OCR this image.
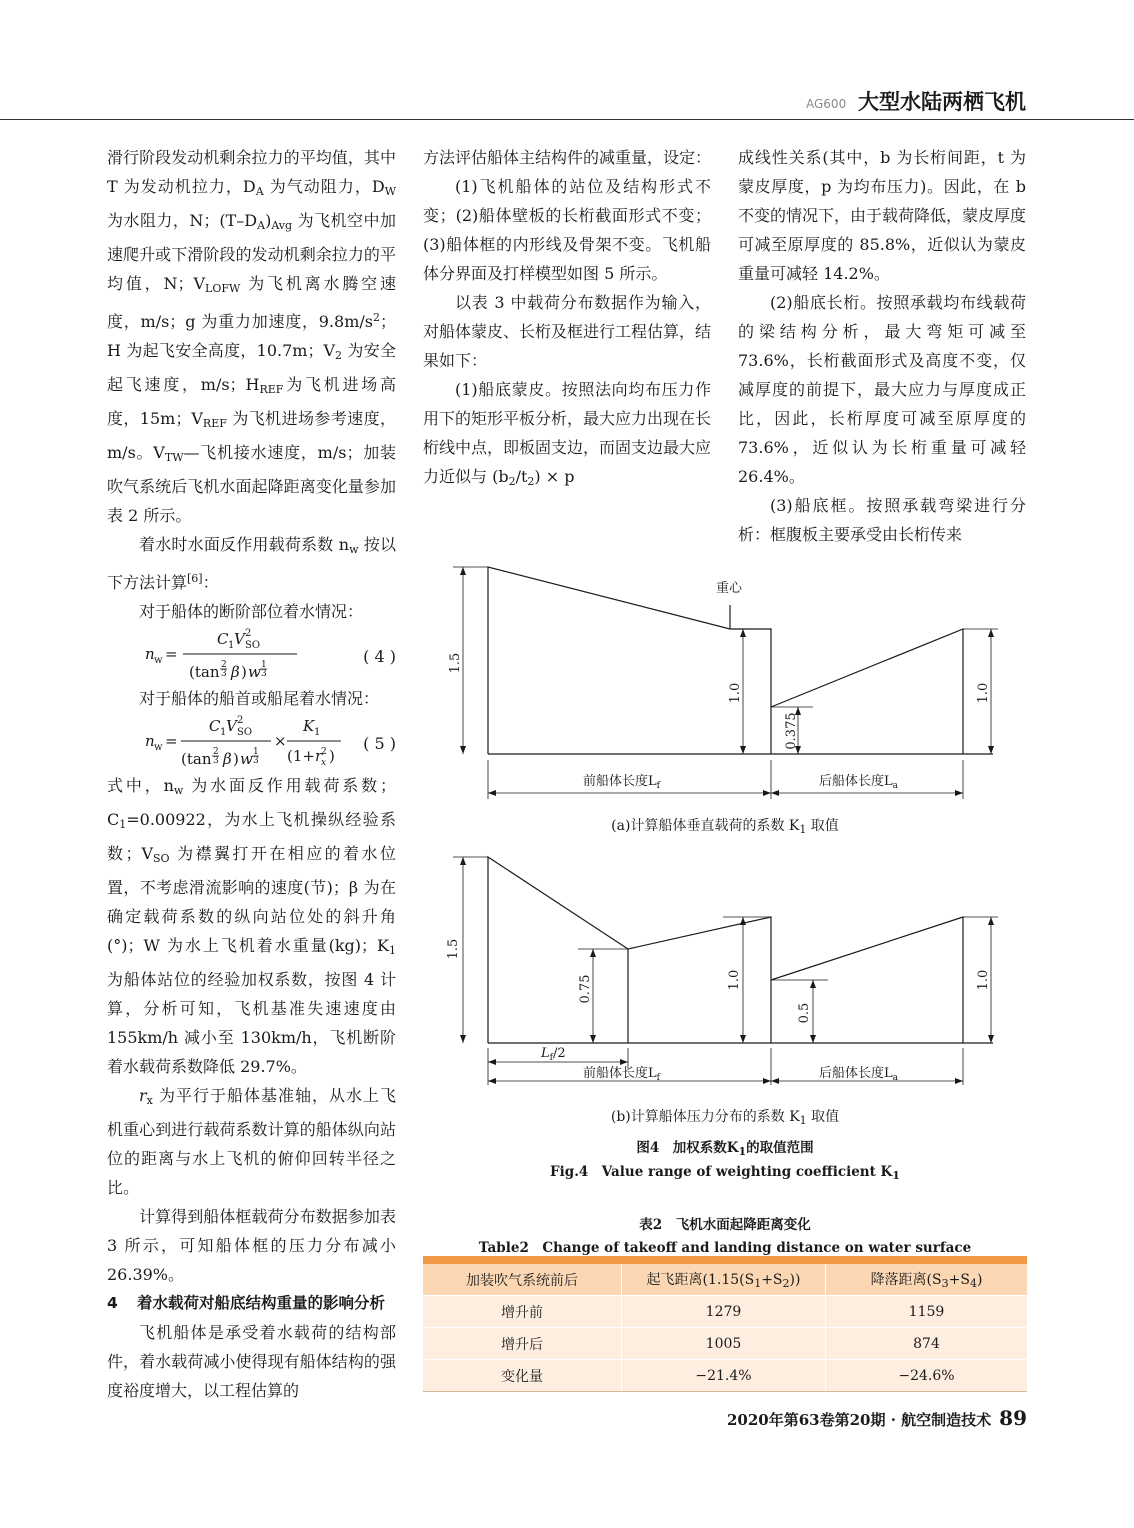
AG600 大型水陆两栖飞机

滑行阶段发动机剩余拉力的平均值，其中 T 为发动机拉力，$D_A$ 为气动阻力，$D_W$ 为水阻力，N；$(T-D_A)_{Avg}$ 为飞机空中加速爬升或下滑阶段的发动机剩余拉力的平均值，N；$V_{LOFW}$ 为飞机离水腾空速度，m/s；g 为重力加速度，$9.8m/s^2$；H 为起飞安全高度，10.7m；$V_2$ 为安全起飞速度，m/s；$H_{REF}$为飞机进场高度，15m；$V_{REF}$ 为飞机进场参考速度，m/s。$V_{TW}—$飞机接水速度，m/s；加装吹气系统后飞机水面起降距离变化量参加表 2 所示。

着水时水面反作用载荷系数 $n_w$ 按以下方法计算[6]：

对于船体的断阶部位着水情况：

n w =
C 1 V 2
SO
(tan 2
3 β ) w 1
3
( 4 )

对于船体的船首或船尾着水情况：

n w =
C 1 V 2
SO
(tan 2
3 β ) w 1
3
×
K 1
(1+ r
2
x )
( 5 )

式中，$n_w$ 为水面反作用载荷系数；$C_1=0.00922$，为水上飞机操纵经验系数；$V_{SO}$ 为襟翼打开在相应的着水位置，不考虑滑流影响的速度(节)；β 为在确定载荷系数的纵向站位处的斜升角(°)；W 为水上飞机着水重量(kg)；$K_1$ 为船体站位的经验加权系数，按图 4 计算，分析可知，飞机基准失速速度由 155km/h 减小至 130km/h，飞机断阶着水载荷系数降低 29.7%。

$r_x$ 为平行于船体基准轴，从水上飞机重心到进行载荷系数计算的船体纵向站位的距离与水上飞机的俯仰回转半径之比。

计算得到船体框载荷分布数据参加表 3 所示，可知船体框的压力分布减小 26.39%。

4	着水载荷对船底结构重量的影响分析

飞机船体是承受着水载荷的结构部件，着水载荷减小使得现有船体结构的强度裕度增大，以工程估算的

方法评估船体主结构件的减重量，设定：

(1)飞机船体的站位及结构形式不变；(2)船体壁板的长桁截面形式不变；(3)船体框的内形线及骨架不变。飞机船体分界面及打样模型如图 5 所示。

以表 3 中载荷分布数据作为输入，对船体蒙皮、长桁及框进行工程估算，结果如下：

(1)船底蒙皮。按照法向均布压力作用下的矩形平板分析，最大应力出现在长桁线中点，即板固支边，而固支边最大应力近似与 $(b_2/t_2) \times p$

成线性关系(其中，b 为长桁间距，t 为蒙皮厚度，p 为均布压力)。因此，在 b 不变的情况下，由于载荷降低，蒙皮厚度可减至原厚度的 85.8%，近似认为蒙皮重量可减轻 14.2%。

(2)船底长桁。按照承载均布线载荷的梁结构分析，最大弯矩可减至 73.6%，长桁截面形式及高度不变，仅减厚度的前提下，最大应力与厚度成正比，因此，长桁厚度可减至原厚度的 73.6%，近似认为长桁重量可减轻 26.4%。

(3)船底框。按照承载弯梁进行分析：框腹板主要承受由长桁传来

重心
1.5
1.0
0.375
1.0
前船体长度$L_f$	后船体长度$L_a$
(a)计算船体垂直载荷的系数 $K_1$ 取值
1.5
0.75	1.0
0.5
1.0
$L_f/2$
前船体长度$L_f$	后船体长度$L_a$
(b)计算船体压力分布的系数 $K_1$ 取值
图4　加权系数$K_1$的取值范围
Fig.4　Value range of weighting coefficient $K_1$
表2　飞机水面起降距离变化
Table2　Change of takeoff and landing distance on water surface
加装吹气系统前后	起飞距离$(1.15(S_1+S_2))$	降落距离$(S_3+S_4)$
增升前	1279	1159
增升后	1005	874
变化量	−21.4%	−24.6%
2020年第63卷第20期 · 航空制造技术 89
